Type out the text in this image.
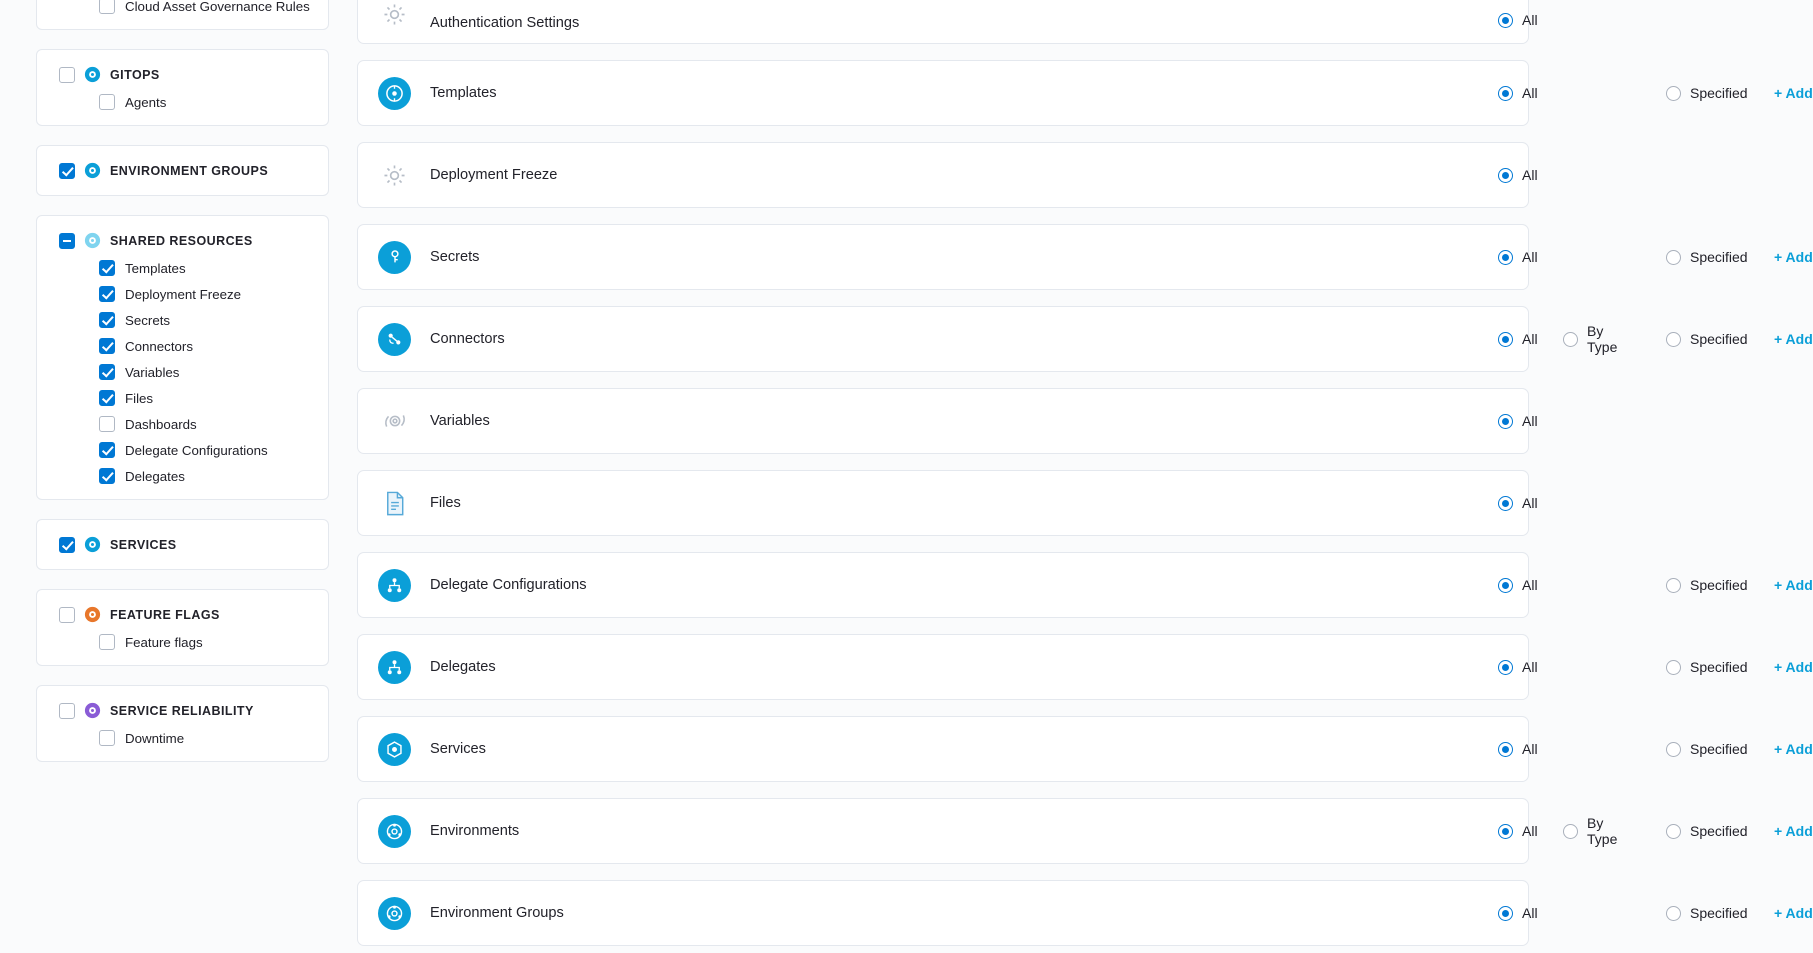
Cloud Asset Governance Rules
GITOPS
Agents
ENVIRONMENT GROUPS
SHARED RESOURCES
Templates
Deployment Freeze
Secrets
Connectors
Variables
Files
Dashboards
Delegate Configurations
Delegates
SERVICES
FEATURE FLAGS
Feature flags
SERVICE RELIABILITY
Downtime
Authentication Settings	All
Templates	All	Specified + Add
Deployment Freeze	All
Secrets	All	Specified + Add
Connectors	All	By Type	Specified + Add
Variables	All
Files	All
Delegate Configurations	All	Specified + Add
Delegates	All	Specified + Add
Services	All	Specified + Add
Environments	All	By Type	Specified + Add
Environment Groups	All	Specified + Add
